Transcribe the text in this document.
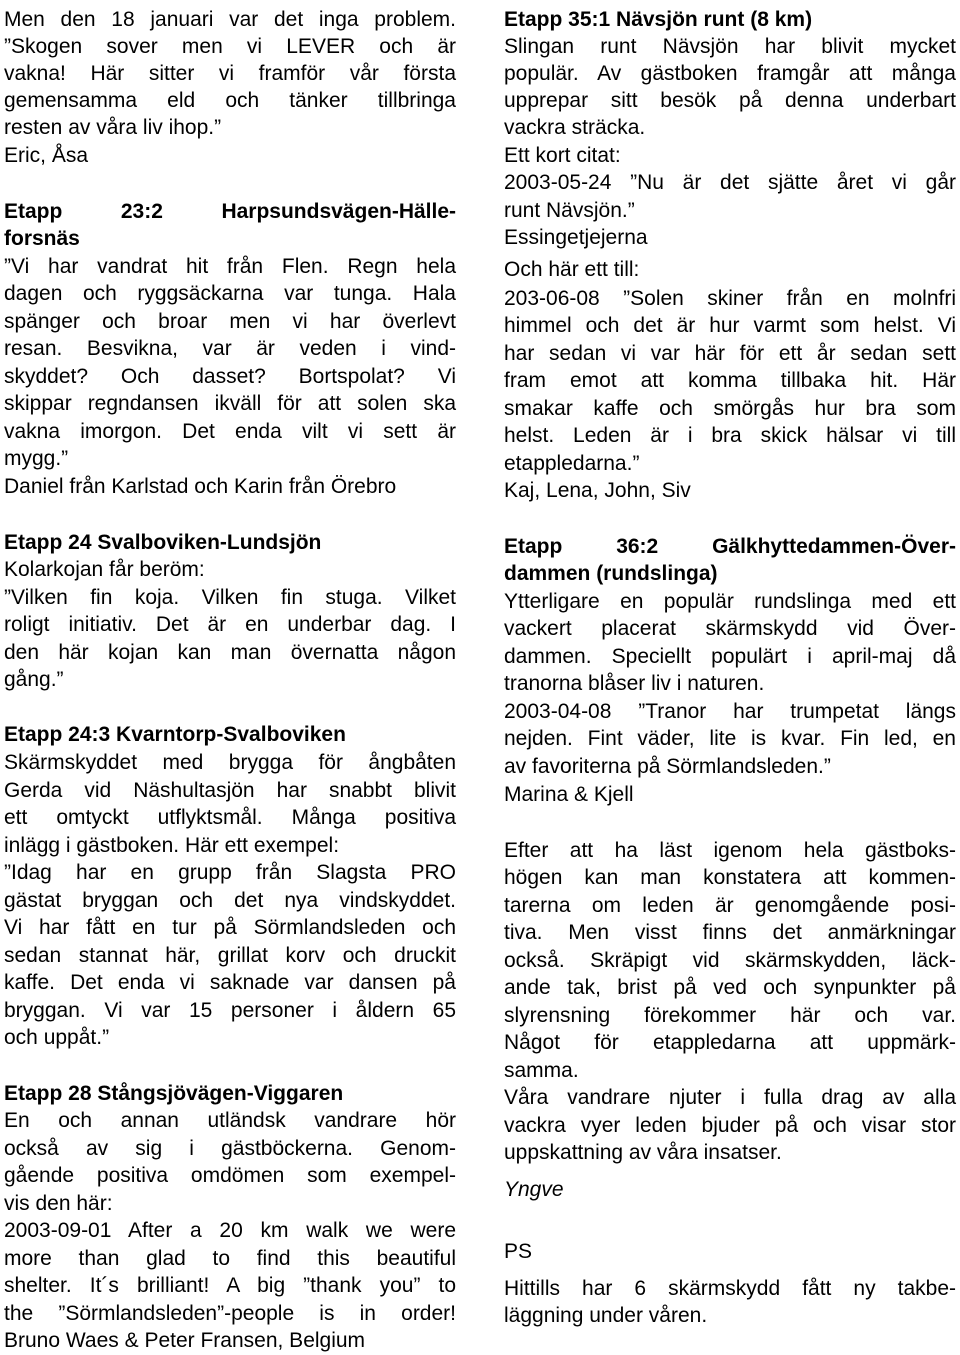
Men den 18 januari var det inga problem.
”Skogen sover men vi LEVER och är
vakna! Här sitter vi framför vår första
gemensamma eld och tänker tillbringa
resten av våra liv ihop.”
Eric, Åsa
Etapp 23:2 Harpsundsvägen-Hälle-
forsnäs
”Vi har vandrat hit från Flen. Regn hela
dagen och ryggsäckarna var tunga. Hala
spänger och broar men vi har överlevt
resan. Besvikna, var är veden i vind-
skyddet? Och dasset? Bortspolat? Vi
skippar regndansen ikväll för att solen ska
vakna imorgon. Det enda vilt vi sett är
mygg.”
Daniel från Karlstad och Karin från Örebro
Etapp 24 Svalboviken-Lundsjön
Kolarkojan får beröm:
”Vilken fin koja. Vilken fin stuga. Vilket
roligt initiativ. Det är en underbar dag. I
den här kojan kan man övernatta någon
gång.”
Etapp 24:3 Kvarntorp-Svalboviken
Skärmskyddet med brygga för ångbåten
Gerda vid Näshultasjön har snabbt blivit
ett omtyckt utflyktsmål. Många positiva
inlägg i gästboken. Här ett exempel:
”Idag har en grupp från Slagsta PRO
gästat bryggan och det nya vindskyddet.
Vi har fått en tur på Sörmlandsleden och
sedan stannat här, grillat korv och druckit
kaffe. Det enda vi saknade var dansen på
bryggan. Vi var 15 personer i åldern 65
och uppåt.”
Etapp 28 Stångsjövägen-Viggaren
En och annan utländsk vandrare hör
också av sig i gästböckerna. Genom-
gående positiva omdömen som exempel-
vis den här:
2003-09-01 After a 20 km walk we were
more than glad to find this beautiful
shelter. It´s brilliant! A big ”thank you” to
the ”Sörmlandsleden”-people is in order!
Bruno Waes & Peter Fransen, Belgium
Etapp 35:1 Nävsjön runt (8 km)
Slingan runt Nävsjön har blivit mycket
populär. Av gästboken framgår att många
upprepar sitt besök på denna underbart
vackra sträcka.
Ett kort citat:
2003-05-24 ”Nu är det sjätte året vi går
runt Nävsjön.”
Essingetjejerna
Och här ett till:
203-06-08 ”Solen skiner från en molnfri
himmel och det är hur varmt som helst. Vi
har sedan vi var här för ett år sedan sett
fram emot att komma tillbaka hit. Här
smakar kaffe och smörgås hur bra som
helst. Leden är i bra skick hälsar vi till
etappledarna.”
Kaj, Lena, John, Siv
Etapp 36:2 Gälkhyttedammen-Över-
dammen (rundslinga)
Ytterligare en populär rundslinga med ett
vackert placerat skärmskydd vid Över-
dammen. Speciellt populärt i april-maj då
tranorna blåser liv i naturen.
2003-04-08 ”Tranor har trumpetat längs
nejden. Fint väder, lite is kvar. Fin led, en
av favoriterna på Sörmlandsleden.”
Marina & Kjell
Efter att ha läst igenom hela gästboks-
högen kan man konstatera att kommen-
tarerna om leden är genomgående posi-
tiva. Men visst finns det anmärkningar
också. Skräpigt vid skärmskydden, läck-
ande tak, brist på ved och synpunkter på
slyrensning förekommer här och var.
Något för etappledarna att uppmärk-
samma.
Våra vandrare njuter i fulla drag av alla
vackra vyer leden bjuder på och visar stor
uppskattning av våra insatser.
Yngve
PS
Hittills har 6 skärmskydd fått ny takbe-
läggning under våren.
